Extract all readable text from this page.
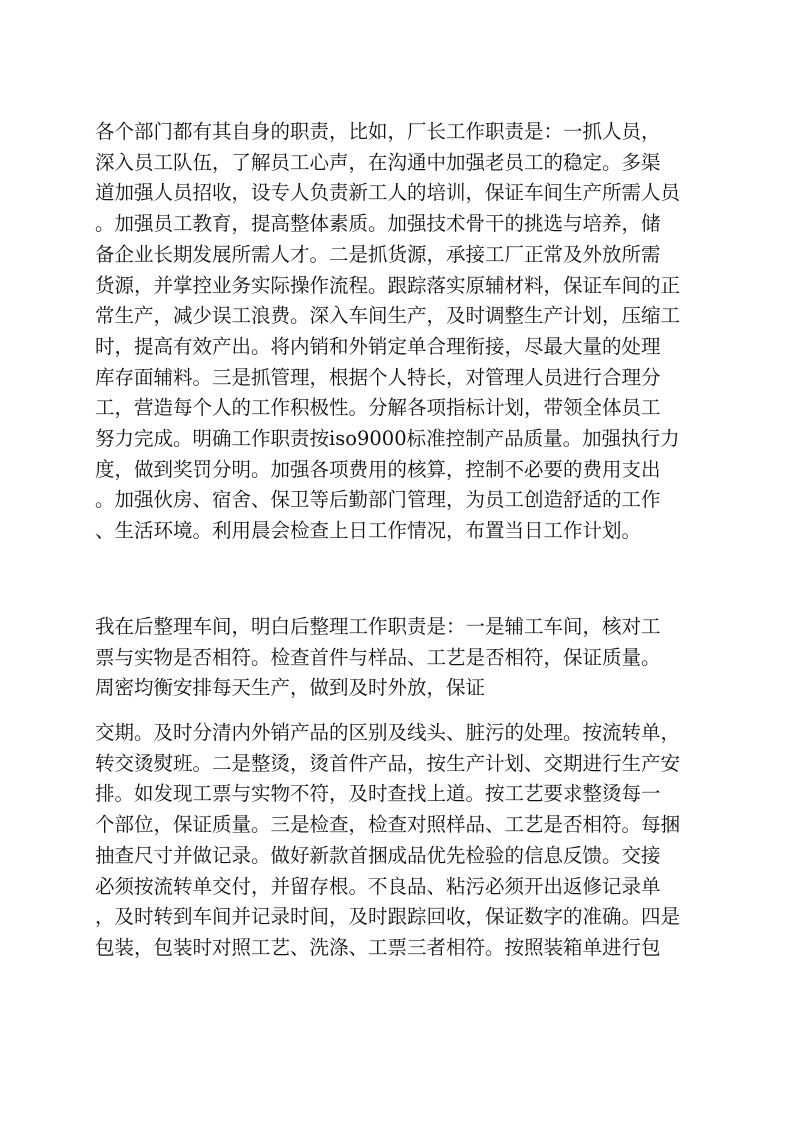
各个部门都有其自身的职责，比如，厂长工作职责是：一抓人员，
深入员工队伍，了解员工心声，在沟通中加强老员工的稳定。多渠
道加强人员招收，设专人负责新工人的培训，保证车间生产所需人员
。加强员工教育，提高整体素质。加强技术骨干的挑选与培养，储
备企业长期发展所需人才。二是抓货源，承接工厂正常及外放所需
货源，并掌控业务实际操作流程。跟踪落实原辅材料，保证车间的正
常生产，减少误工浪费。深入车间生产，及时调整生产计划，压缩工
时，提高有效产出。将内销和外销定单合理衔接，尽最大量的处理
库存面辅料。三是抓管理，根据个人特长，对管理人员进行合理分
工，营造每个人的工作积极性。分解各项指标计划，带领全体员工
努力完成。明确工作职责按iso9000标准控制产品质量。加强执行力
度，做到奖罚分明。加强各项费用的核算，控制不必要的费用支出
。加强伙房、宿舍、保卫等后勤部门管理，为员工创造舒适的工作
、生活环境。利用晨会检查上日工作情况，布置当日工作计划。

我在后整理车间，明白后整理工作职责是：一是辅工车间，核对工
票与实物是否相符。检查首件与样品、工艺是否相符，保证质量。
周密均衡安排每天生产，做到及时外放，保证

交期。及时分清内外销产品的区别及线头、脏污的处理。按流转单，
转交烫熨班。二是整烫，烫首件产品，按生产计划、交期进行生产安
排。如发现工票与实物不符，及时查找上道。按工艺要求整烫每一
个部位，保证质量。三是检查，检查对照样品、工艺是否相符。每捆
抽查尺寸并做记录。做好新款首捆成品优先检验的信息反馈。交接
必须按流转单交付，并留存根。不良品、粘污必须开出返修记录单
，及时转到车间并记录时间，及时跟踪回收，保证数字的准确。四是
包装，包装时对照工艺、洗涤、工票三者相符。按照装箱单进行包
